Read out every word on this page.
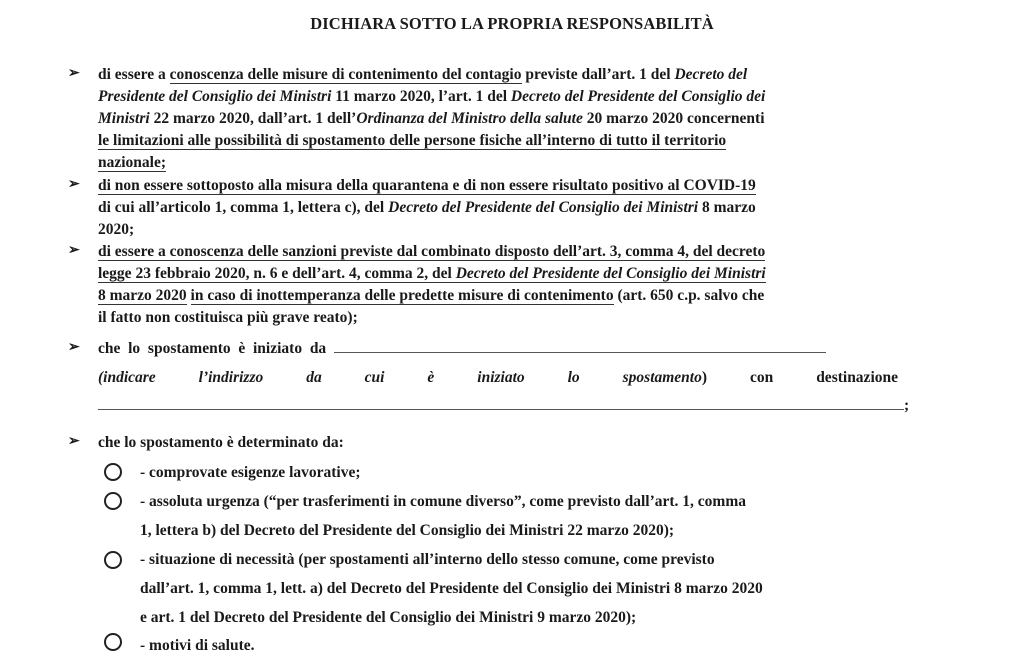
DICHIARA SOTTO LA PROPRIA RESPONSABILITÀ
➢ di essere a conoscenza delle misure di contenimento del contagio previste dall’art. 1 del Decreto del
Presidente del Consiglio dei Ministri 11 marzo 2020, l’art. 1 del Decreto del Presidente del Consiglio dei
Ministri 22 marzo 2020, dall’art. 1 dell’Ordinanza del Ministro della salute 20 marzo 2020 concernenti
le limitazioni alle possibilità di spostamento delle persone fisiche all’interno di tutto il territorio
nazionale;
➢ di non essere sottoposto alla misura della quarantena e di non essere risultato positivo al COVID-19
di cui all’articolo 1, comma 1, lettera c), del Decreto del Presidente del Consiglio dei Ministri 8 marzo
2020;
➢ di essere a conoscenza delle sanzioni previste dal combinato disposto dell’art. 3, comma 4, del decreto
legge 23 febbraio 2020, n. 6 e dell’art. 4, comma 2, del Decreto del Presidente del Consiglio dei Ministri
8 marzo 2020 in caso di inottemperanza delle predette misure di contenimento (art. 650 c.p. salvo che
il fatto non costituisca più grave reato);
➢ che  lo  spostamento  è  iniziato  da
(indicare	l’indirizzo	da	cui	è	iniziato	lo	spostamento)	con	destinazione
;
➢ che lo spostamento è determinato da:
- comprovate esigenze lavorative;
- assoluta urgenza (“per trasferimenti in comune diverso”, come previsto dall’art. 1, comma
1, lettera b) del Decreto del Presidente del Consiglio dei Ministri 22 marzo 2020);
- situazione di necessità (per spostamenti all’interno dello stesso comune, come previsto
dall’art. 1, comma 1, lett. a) del Decreto del Presidente del Consiglio dei Ministri 8 marzo 2020
e art. 1 del Decreto del Presidente del Consiglio dei Ministri 9 marzo 2020);
- motivi di salute.
